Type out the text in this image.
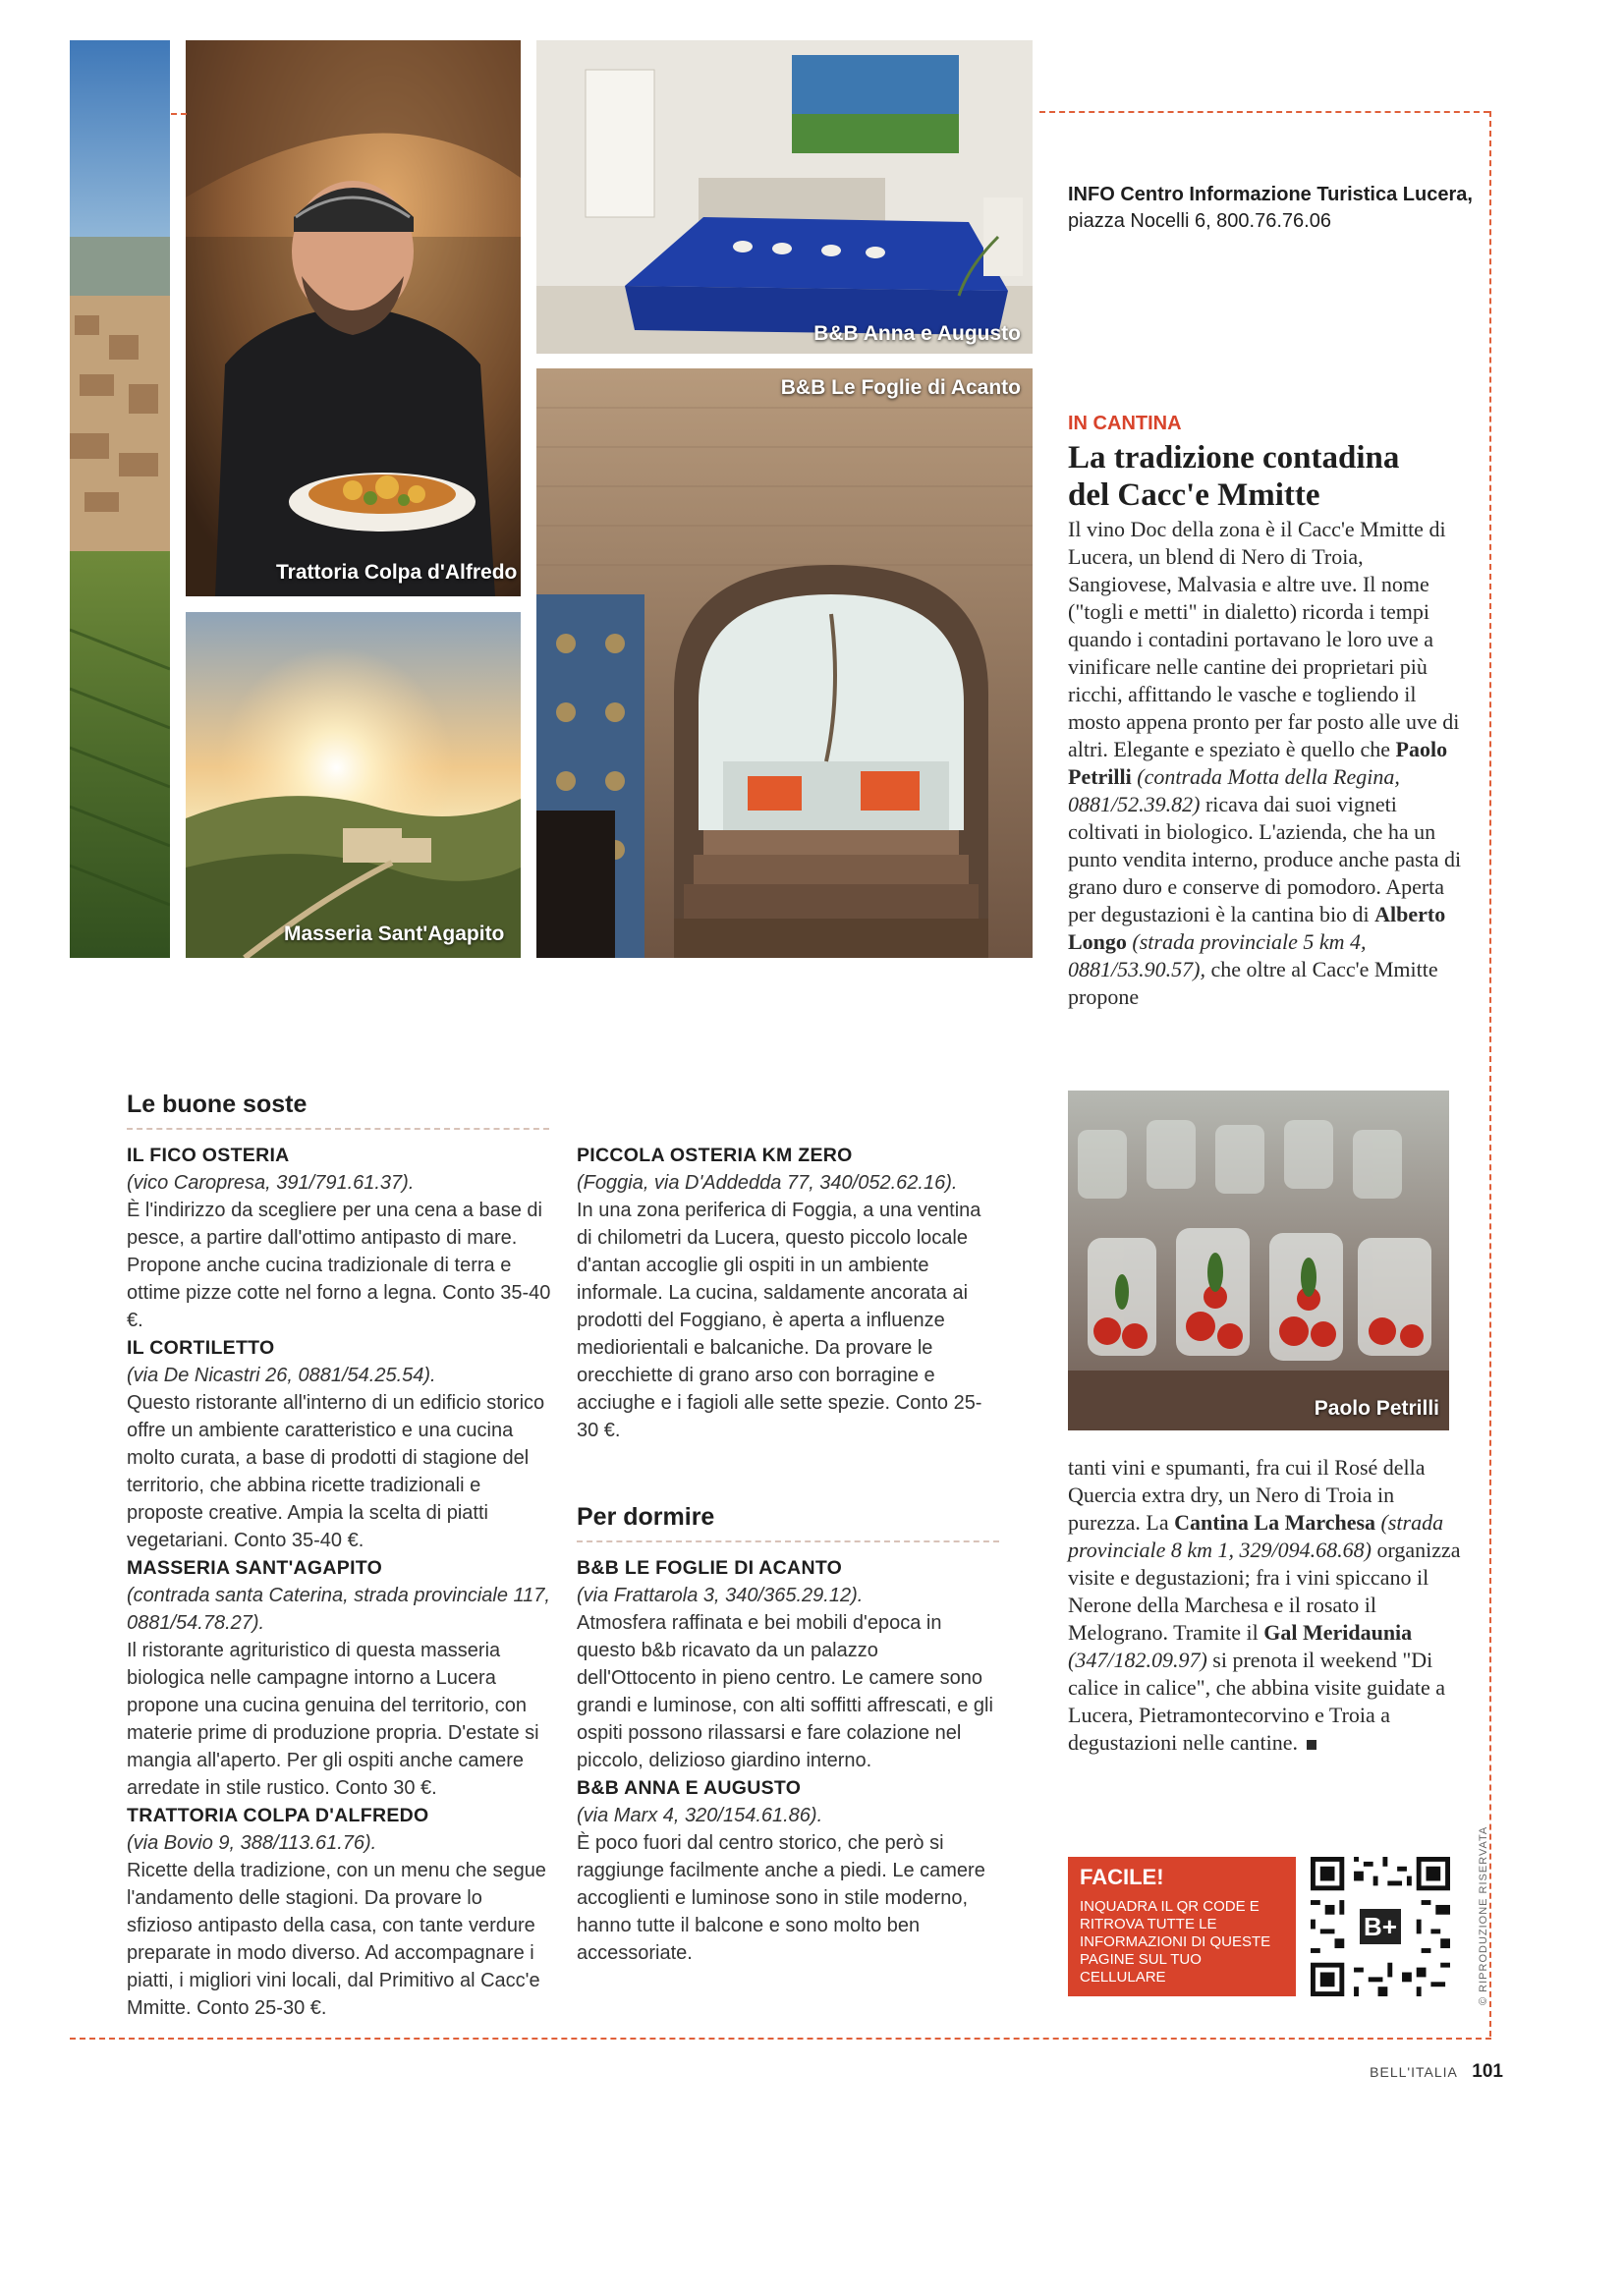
Trattoria Colpa d'Alfredo
Masseria Sant'Agapito
B&B Anna e Augusto
B&B Le Foglie di Acanto
Paolo Petrilli
INFO Centro Informazione Turistica Lucera,
piazza Nocelli 6, 800.76.76.06
IN CANTINA
La tradizione contadina
del Cacc'e Mmitte
Il vino Doc della zona è il Cacc'e Mmitte di Lucera, un blend di Nero di Troia, Sangiovese, Malvasia e altre uve. Il nome ("togli e metti" in dialetto) ricorda i tempi quando i contadini portavano le loro uve a vinificare nelle cantine dei proprietari più ricchi, affittando le vasche e togliendo il mosto appena pronto per far posto alle uve di altri. Elegante e speziato è quello che Paolo Petrilli (contrada Motta della Regina, 0881/52.39.82) ricava dai suoi vigneti coltivati in biologico. L'azienda, che ha un punto vendita interno, produce anche pasta di grano duro e conserve di pomodoro. Aperta per degustazioni è la cantina bio di Alberto Longo (strada provinciale 5 km 4, 0881/53.90.57), che oltre al Cacc'e Mmitte propone
tanti vini e spumanti, fra cui il Rosé della Quercia extra dry, un Nero di Troia in purezza. La Cantina La Marchesa (strada provinciale 8 km 1, 329/094.68.68) organizza visite e degustazioni; fra i vini spiccano il Nerone della Marchesa e il rosato il Melograno. Tramite il Gal Meridaunia (347/182.09.97) si prenota il weekend "Di calice in calice", che abbina visite guidate a Lucera, Pietramontecorvino e Troia a degustazioni nelle cantine.
Le buone soste
IL FICO OSTERIA
(vico Caropresa, 391/791.61.37).
È l'indirizzo da scegliere per una cena a base di pesce, a partire dall'ottimo antipasto di mare. Propone anche cucina tradizionale di terra e ottime pizze cotte nel forno a legna. Conto 35-40 €.
IL CORTILETTO
(via De Nicastri 26, 0881/54.25.54).
Questo ristorante all'interno di un edificio storico offre un ambiente caratteristico e una cucina molto curata, a base di prodotti di stagione del territorio, che abbina ricette tradizionali e proposte creative. Ampia la scelta di piatti vegetariani. Conto 35-40 €.
MASSERIA SANT'AGAPITO
(contrada santa Caterina, strada provinciale 117, 0881/54.78.27).
Il ristorante agrituristico di questa masseria biologica nelle campagne intorno a Lucera propone una cucina genuina del territorio, con materie prime di produzione propria. D'estate si mangia all'aperto. Per gli ospiti anche camere arredate in stile rustico. Conto 30 €.
TRATTORIA COLPA D'ALFREDO
(via Bovio 9, 388/113.61.76).
Ricette della tradizione, con un menu che segue l'andamento delle stagioni. Da provare lo sfizioso antipasto della casa, con tante verdure preparate in modo diverso. Ad accompagnare i piatti, i migliori vini locali, dal Primitivo al Cacc'e Mmitte. Conto 25-30 €.
PICCOLA OSTERIA KM ZERO
(Foggia, via D'Addedda 77, 340/052.62.16).
In una zona periferica di Foggia, a una ventina di chilometri da Lucera, questo piccolo locale d'antan accoglie gli ospiti in un ambiente informale. La cucina, saldamente ancorata ai prodotti del Foggiano, è aperta a influenze mediorientali e balcaniche. Da provare le orecchiette di grano arso con borragine e acciughe e i fagioli alle sette spezie. Conto 25-30 €.
Per dormire
B&B LE FOGLIE DI ACANTO
(via Frattarola 3, 340/365.29.12).
Atmosfera raffinata e bei mobili d'epoca in questo b&b ricavato da un palazzo dell'Ottocento in pieno centro. Le camere sono grandi e luminose, con alti soffitti affrescati, e gli ospiti possono rilassarsi e fare colazione nel piccolo, delizioso giardino interno.
B&B ANNA E AUGUSTO
(via Marx 4, 320/154.61.86).
È poco fuori dal centro storico, che però si raggiunge facilmente anche a piedi. Le camere accoglienti e luminose sono in stile moderno, hanno tutte il balcone e sono molto ben accessoriate.
FACILE!
INQUADRA IL QR CODE E RITROVA TUTTE LE INFORMAZIONI DI QUESTE PAGINE SUL TUO CELLULARE
B+
BELL'ITALIA 101
© RIPRODUZIONE RISERVATA
